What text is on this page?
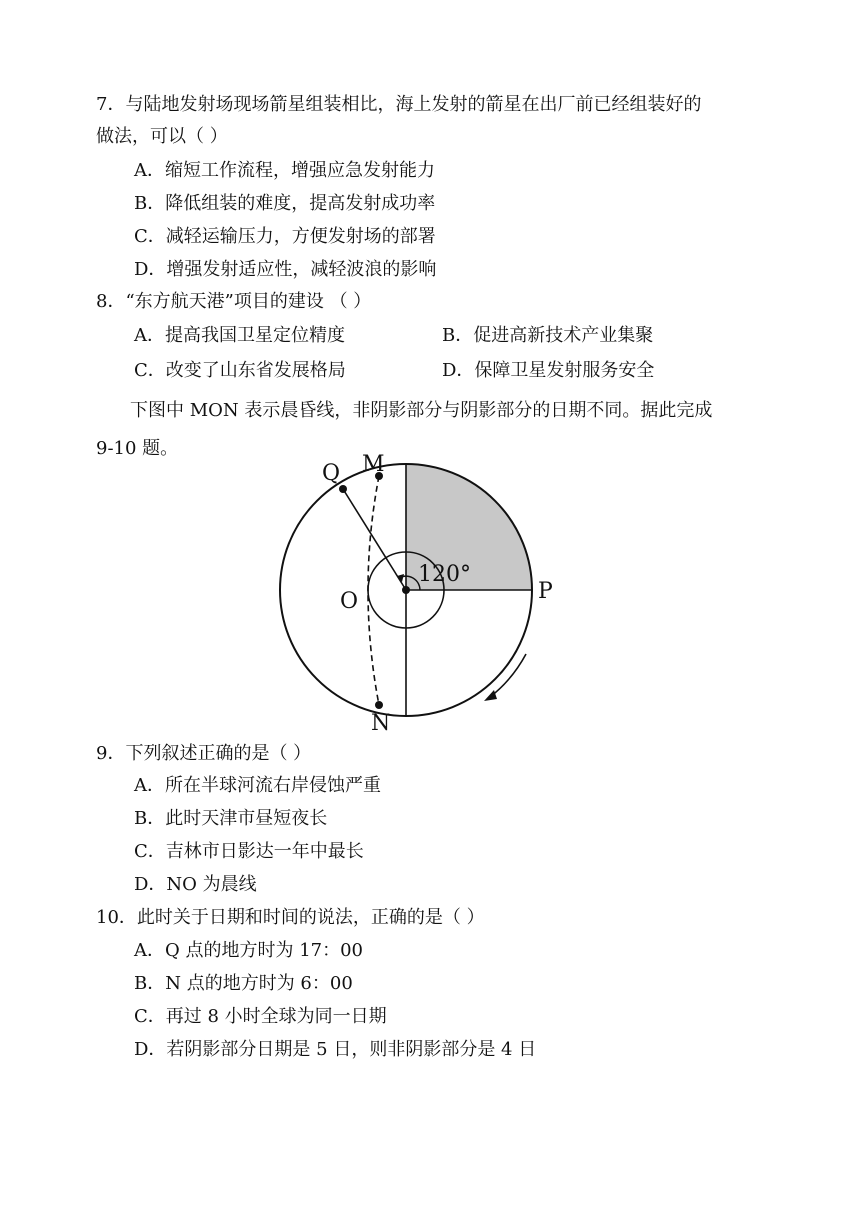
7．与陆地发射场现场箭星组装相比，海上发射的箭星在出厂前已经组装好的
做法，可以（ ）
A．缩短工作流程，增强应急发射能力
B．降低组装的难度，提高发射成功率
C．减轻运输压力，方便发射场的部署
D．增强发射适应性，减轻波浪的影响
8．“东方航天港”项目的建设 （ ）
A．提高我国卫星定位精度	B．促进高新技术产业集聚
C．改变了山东省发展格局	D．保障卫星发射服务安全
下图中 MON 表示晨昏线，非阴影部分与阴影部分的日期不同。据此完成
9-10 题。
Q M
O	P
N
120°
9．下列叙述正确的是（ ）
A．所在半球河流右岸侵蚀严重
B．此时天津市昼短夜长
C．吉林市日影达一年中最长
D．NO 为晨线
10．此时关于日期和时间的说法，正确的是（ ）
A．Q 点的地方时为 17：00
B．N 点的地方时为 6：00
C．再过 8 小时全球为同一日期
D．若阴影部分日期是 5 日，则非阴影部分是 4 日
